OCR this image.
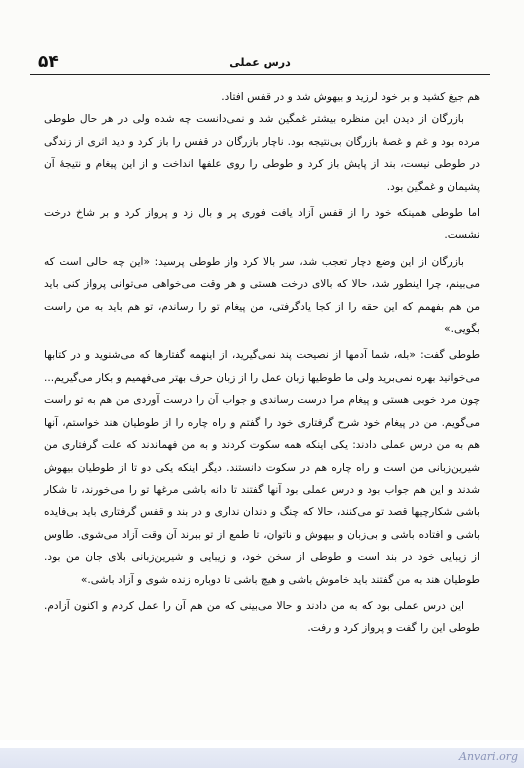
۵۴	درس عملی

هم جیغ کشید و بر خود لرزید و بیهوش شد و در قفس افتاد.

بازرگان از دیدن این منظره بیشتر غمگین شد و نمی‌دانست چه شده ولی در هر حال طوطی مرده بود و غم و غصهٔ بازرگان بی‌نتیجه بود. ناچار بازرگان در قفس را باز کرد و دید اثری از زندگی در طوطی نیست، بند از پایش باز کرد و طوطی را روی علفها انداخت و از این پیغام و نتیجهٔ آن پشیمان و غمگین بود.

اما طوطی همینکه خود را از قفس آزاد یافت فوری پر و بال زد و پرواز کرد و بر شاخ درخت نشست.

بازرگان از این وضع دچار تعجب شد، سر بالا کرد واز طوطی پرسید: «این چه حالی است که می‌بینم، چرا اینطور شد، حالا که بالای درخت هستی و هر وقت می‌خواهی می‌توانی پرواز کنی باید من هم بفهمم که این حقه را از کجا یادگرفتی، من پیغام تو را رساندم، تو هم باید به من راست بگویی.»

طوطی گفت: «بله، شما آدمها از نصیحت پند نمی‌گیرید، از اینهمه گفتارها که می‌شنوید و در کتابها می‌خوانید بهره نمی‌برید ولی ما طوطیها زبان عمل را از زبان حرف بهتر می‌فهمیم و بکار می‌گیریم... چون مرد خوبی هستی و پیغام مرا درست رساندی و جواب آن را درست آوردی من هم به تو راست می‌گویم. من در پیغام خود شرح گرفتاری خود را گفتم و راه چاره را از طوطیان هند خواستم، آنها هم به من درس عملی دادند: یکی اینکه همه سکوت کردند و به من فهماندند که علت گرفتاری من شیرین‌زبانی من است و راه چاره هم در سکوت دانستند. دیگر اینکه یکی دو تا از طوطیان بیهوش شدند و این هم جواب بود و درس عملی بود آنها گفتند تا دانه باشی مرغها تو را می‌خورند، تا شکار باشی شکارچیها قصد تو می‌کنند، حالا که چنگ و دندان نداری و در بند و قفس گرفتاری باید بی‌فایده باشی و افتاده باشی و بی‌زبان و بیهوش و ناتوان، تا طمع از تو ببرند آن وقت آزاد می‌شوی. طاوس از زیبایی خود در بند است و طوطی از سخن خود، و زیبایی و شیرین‌زبانی بلای جان من بود. طوطیان هند به من گفتند باید خاموش باشی و هیچ باشی تا دوباره زنده شوی و آزاد باشی.»

این درس عملی بود که به من دادند و حالا می‌بینی که من هم آن را عمل کردم و اکنون آزادم. طوطی این را گفت و پرواز کرد و رفت.

Anvari.org
